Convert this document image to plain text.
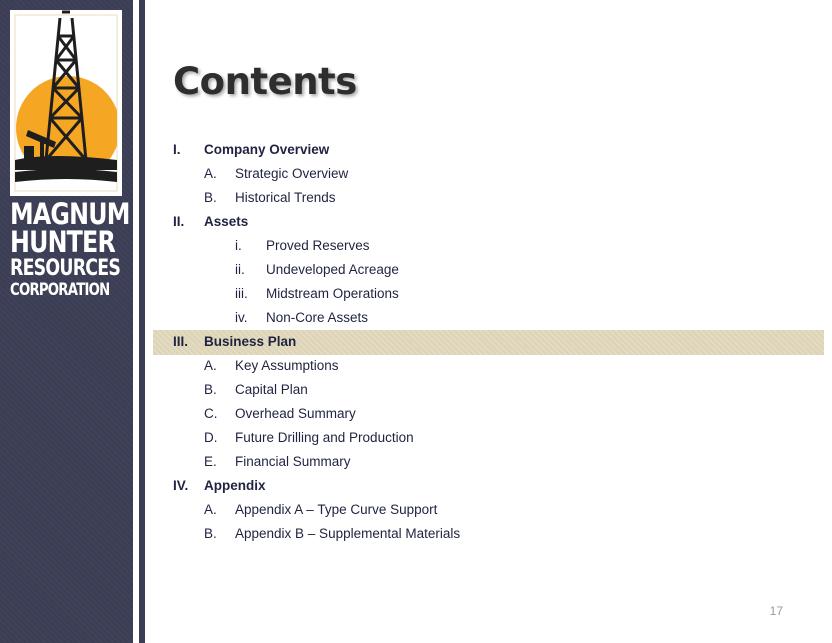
MAGNUM
HUNTER
RESOURCES
CORPORATION
Contents
I. Company Overview
A. Strategic Overview
B. Historical Trends
II. Assets
i. Proved Reserves
ii. Undeveloped Acreage
iii. Midstream Operations
iv. Non-Core Assets
III. Business Plan
A. Key Assumptions
B. Capital Plan
C. Overhead Summary
D. Future Drilling and Production
E. Financial Summary
IV. Appendix
A. Appendix A – Type Curve Support
B. Appendix B – Supplemental Materials
17
